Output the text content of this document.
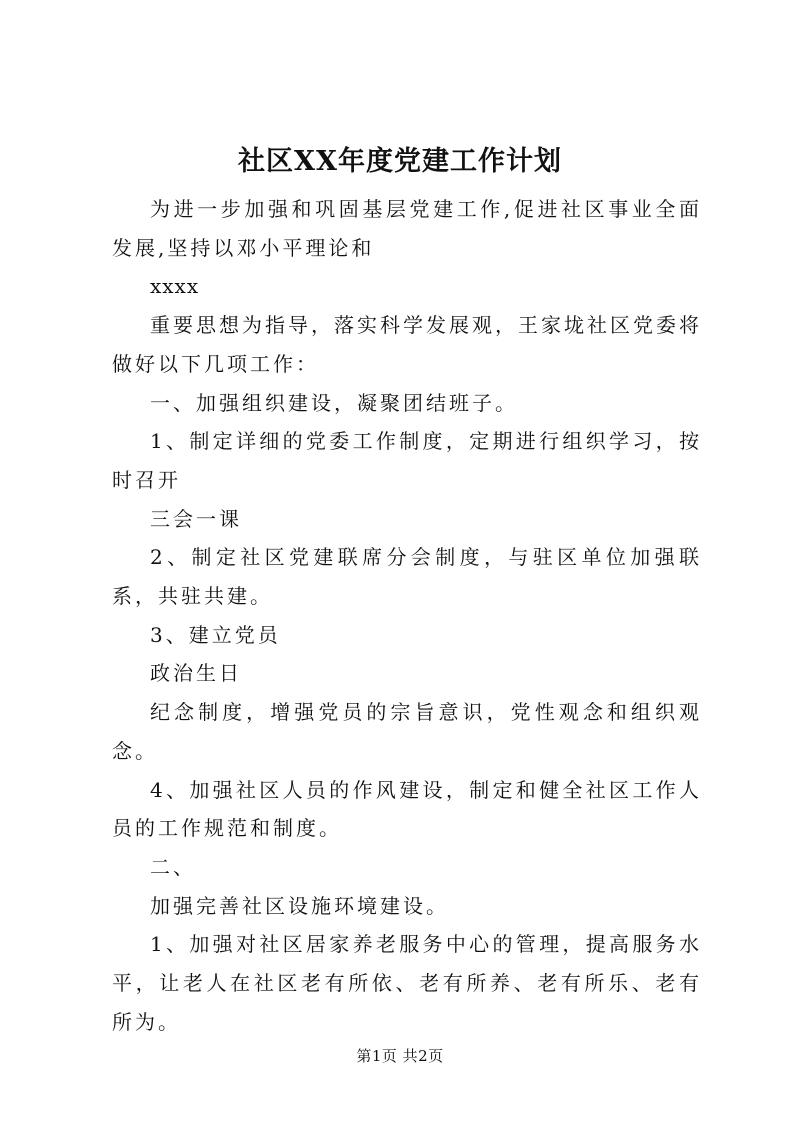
社区XX年度党建工作计划

为进一步加强和巩固基层党建工作,促进社区事业全面发展,坚持以邓小平理论和

xxxx

重要思想为指导，落实科学发展观，王家垅社区党委将做好以下几项工作：

一、加强组织建设，凝聚团结班子。

1、制定详细的党委工作制度，定期进行组织学习，按时召开

三会一课

2、制定社区党建联席分会制度，与驻区单位加强联系，共驻共建。

3、建立党员

政治生日

纪念制度，增强党员的宗旨意识，党性观念和组织观念。

4、加强社区人员的作风建设，制定和健全社区工作人员的工作规范和制度。

二、

加强完善社区设施环境建设。

1、加强对社区居家养老服务中心的管理，提高服务水平，让老人在社区老有所依、老有所养、老有所乐、老有所为。

第1页 共2页
